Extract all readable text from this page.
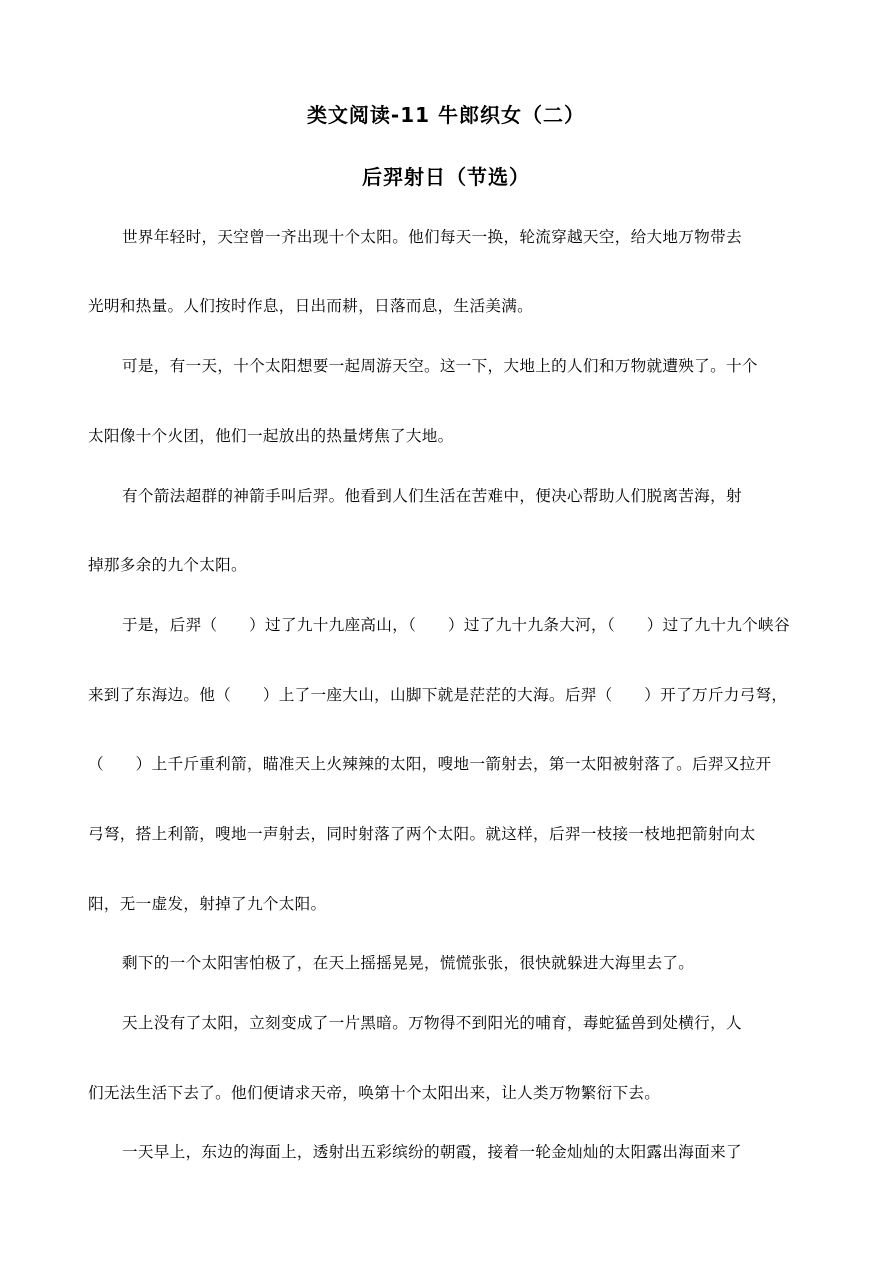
类文阅读-11 牛郎织女（二）
后羿射日（节选）
世界年轻时，天空曾一齐出现十个太阳。他们每天一换，轮流穿越天空，给大地万物带去
光明和热量。人们按时作息，日出而耕，日落而息，生活美满。
可是，有一天，十个太阳想要一起周游天空。这一下，大地上的人们和万物就遭殃了。十个
太阳像十个火团，他们一起放出的热量烤焦了大地。
有个箭法超群的神箭手叫后羿。他看到人们生活在苦难中，便决心帮助人们脱离苦海，射
掉那多余的九个太阳。
于是，后羿（　　）过了九十九座高山，（　　）过了九十九条大河，（　　）过了九十九个峡谷
来到了东海边。他（　　）上了一座大山，山脚下就是茫茫的大海。后羿（　　）开了万斤力弓弩，
（　　）上千斤重利箭，瞄准天上火辣辣的太阳，嗖地一箭射去，第一太阳被射落了。后羿又拉开
弓弩，搭上利箭，嗖地一声射去，同时射落了两个太阳。就这样，后羿一枝接一枝地把箭射向太
阳，无一虚发，射掉了九个太阳。
剩下的一个太阳害怕极了，在天上摇摇晃晃，慌慌张张，很快就躲进大海里去了。
天上没有了太阳，立刻变成了一片黑暗。万物得不到阳光的哺育，毒蛇猛兽到处横行，人
们无法生活下去了。他们便请求天帝，唤第十个太阳出来，让人类万物繁衍下去。
一天早上，东边的海面上，透射出五彩缤纷的朝霞，接着一轮金灿灿的太阳露出海面来了
